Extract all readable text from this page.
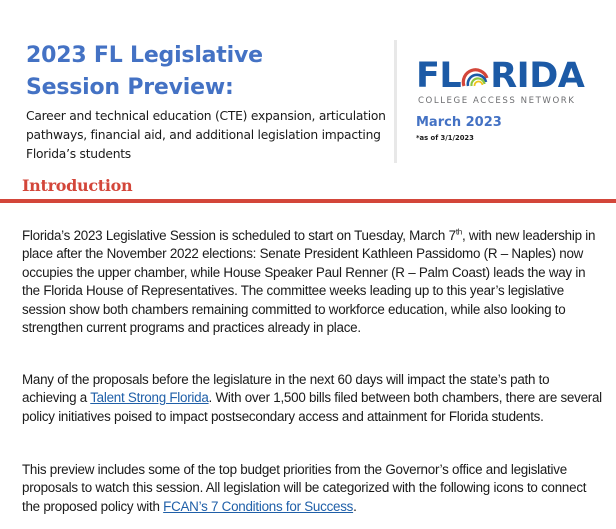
2023 FL Legislative
Session Preview:

Career and technical education (CTE) expansion, articulation pathways, financial aid, and additional legislation impacting Florida’s students

FL RIDA
COLLEGE ACCESS NETWORK
March 2023
*as of 3/1/2023
Introduction

Florida’s 2023 Legislative Session is scheduled to start on Tuesday, March 7th, with new leadership in place after the November 2022 elections: Senate President Kathleen Passidomo (R – Naples) now occupies the upper chamber, while House Speaker Paul Renner (R – Palm Coast) leads the way in the Florida House of Representatives. The committee weeks leading up to this year’s legislative session show both chambers remaining committed to workforce education, while also looking to strengthen current programs and practices already in place.

Many of the proposals before the legislature in the next 60 days will impact the state’s path to achieving a Talent Strong Florida. With over 1,500 bills filed between both chambers, there are several policy initiatives poised to impact postsecondary access and attainment for Florida students.

This preview includes some of the top budget priorities from the Governor’s office and legislative proposals to watch this session. All legislation will be categorized with the following icons to connect the proposed policy with FCAN’s 7 Conditions for Success.
